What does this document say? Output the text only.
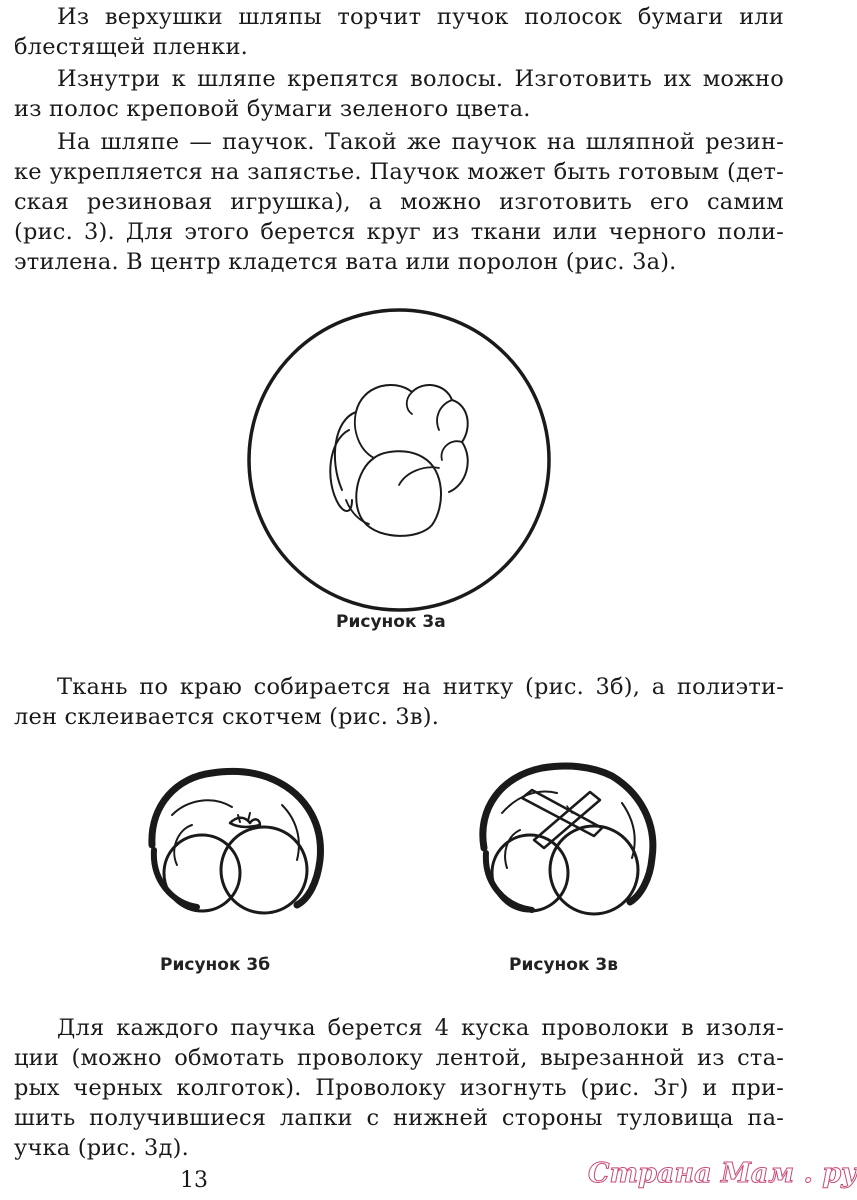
Из верхушки шляпы торчит пучок полосок бумаги или
блестящей пленки.
Изнутри к шляпе крепятся волосы. Изготовить их можно
из полос креповой бумаги зеленого цвета.
На шляпе — паучок. Такой же паучок на шляпной резин-
ке укрепляется на запястье. Паучок может быть готовым (дет-
ская резиновая игрушка), а можно изготовить его самим
(рис. 3). Для этого берется круг из ткани или черного поли-
этилена. В центр кладется вата или поролон (рис. 3а).
Рисунок 3а
Ткань по краю собирается на нитку (рис. 3б), а полиэти-
лен склеивается скотчем (рис. 3в).
Рисунок 3б	Рисунок 3в
Для каждого паучка берется 4 куска проволоки в изоля-
ции (можно обмотать проволоку лентой, вырезанной из ста-
рых черных колготок). Проволоку изогнуть (рис. 3г) и при-
шить получившиеся лапки с нижней стороны туловища па-
учка (рис. 3д).
13	Страна Мам . ру
